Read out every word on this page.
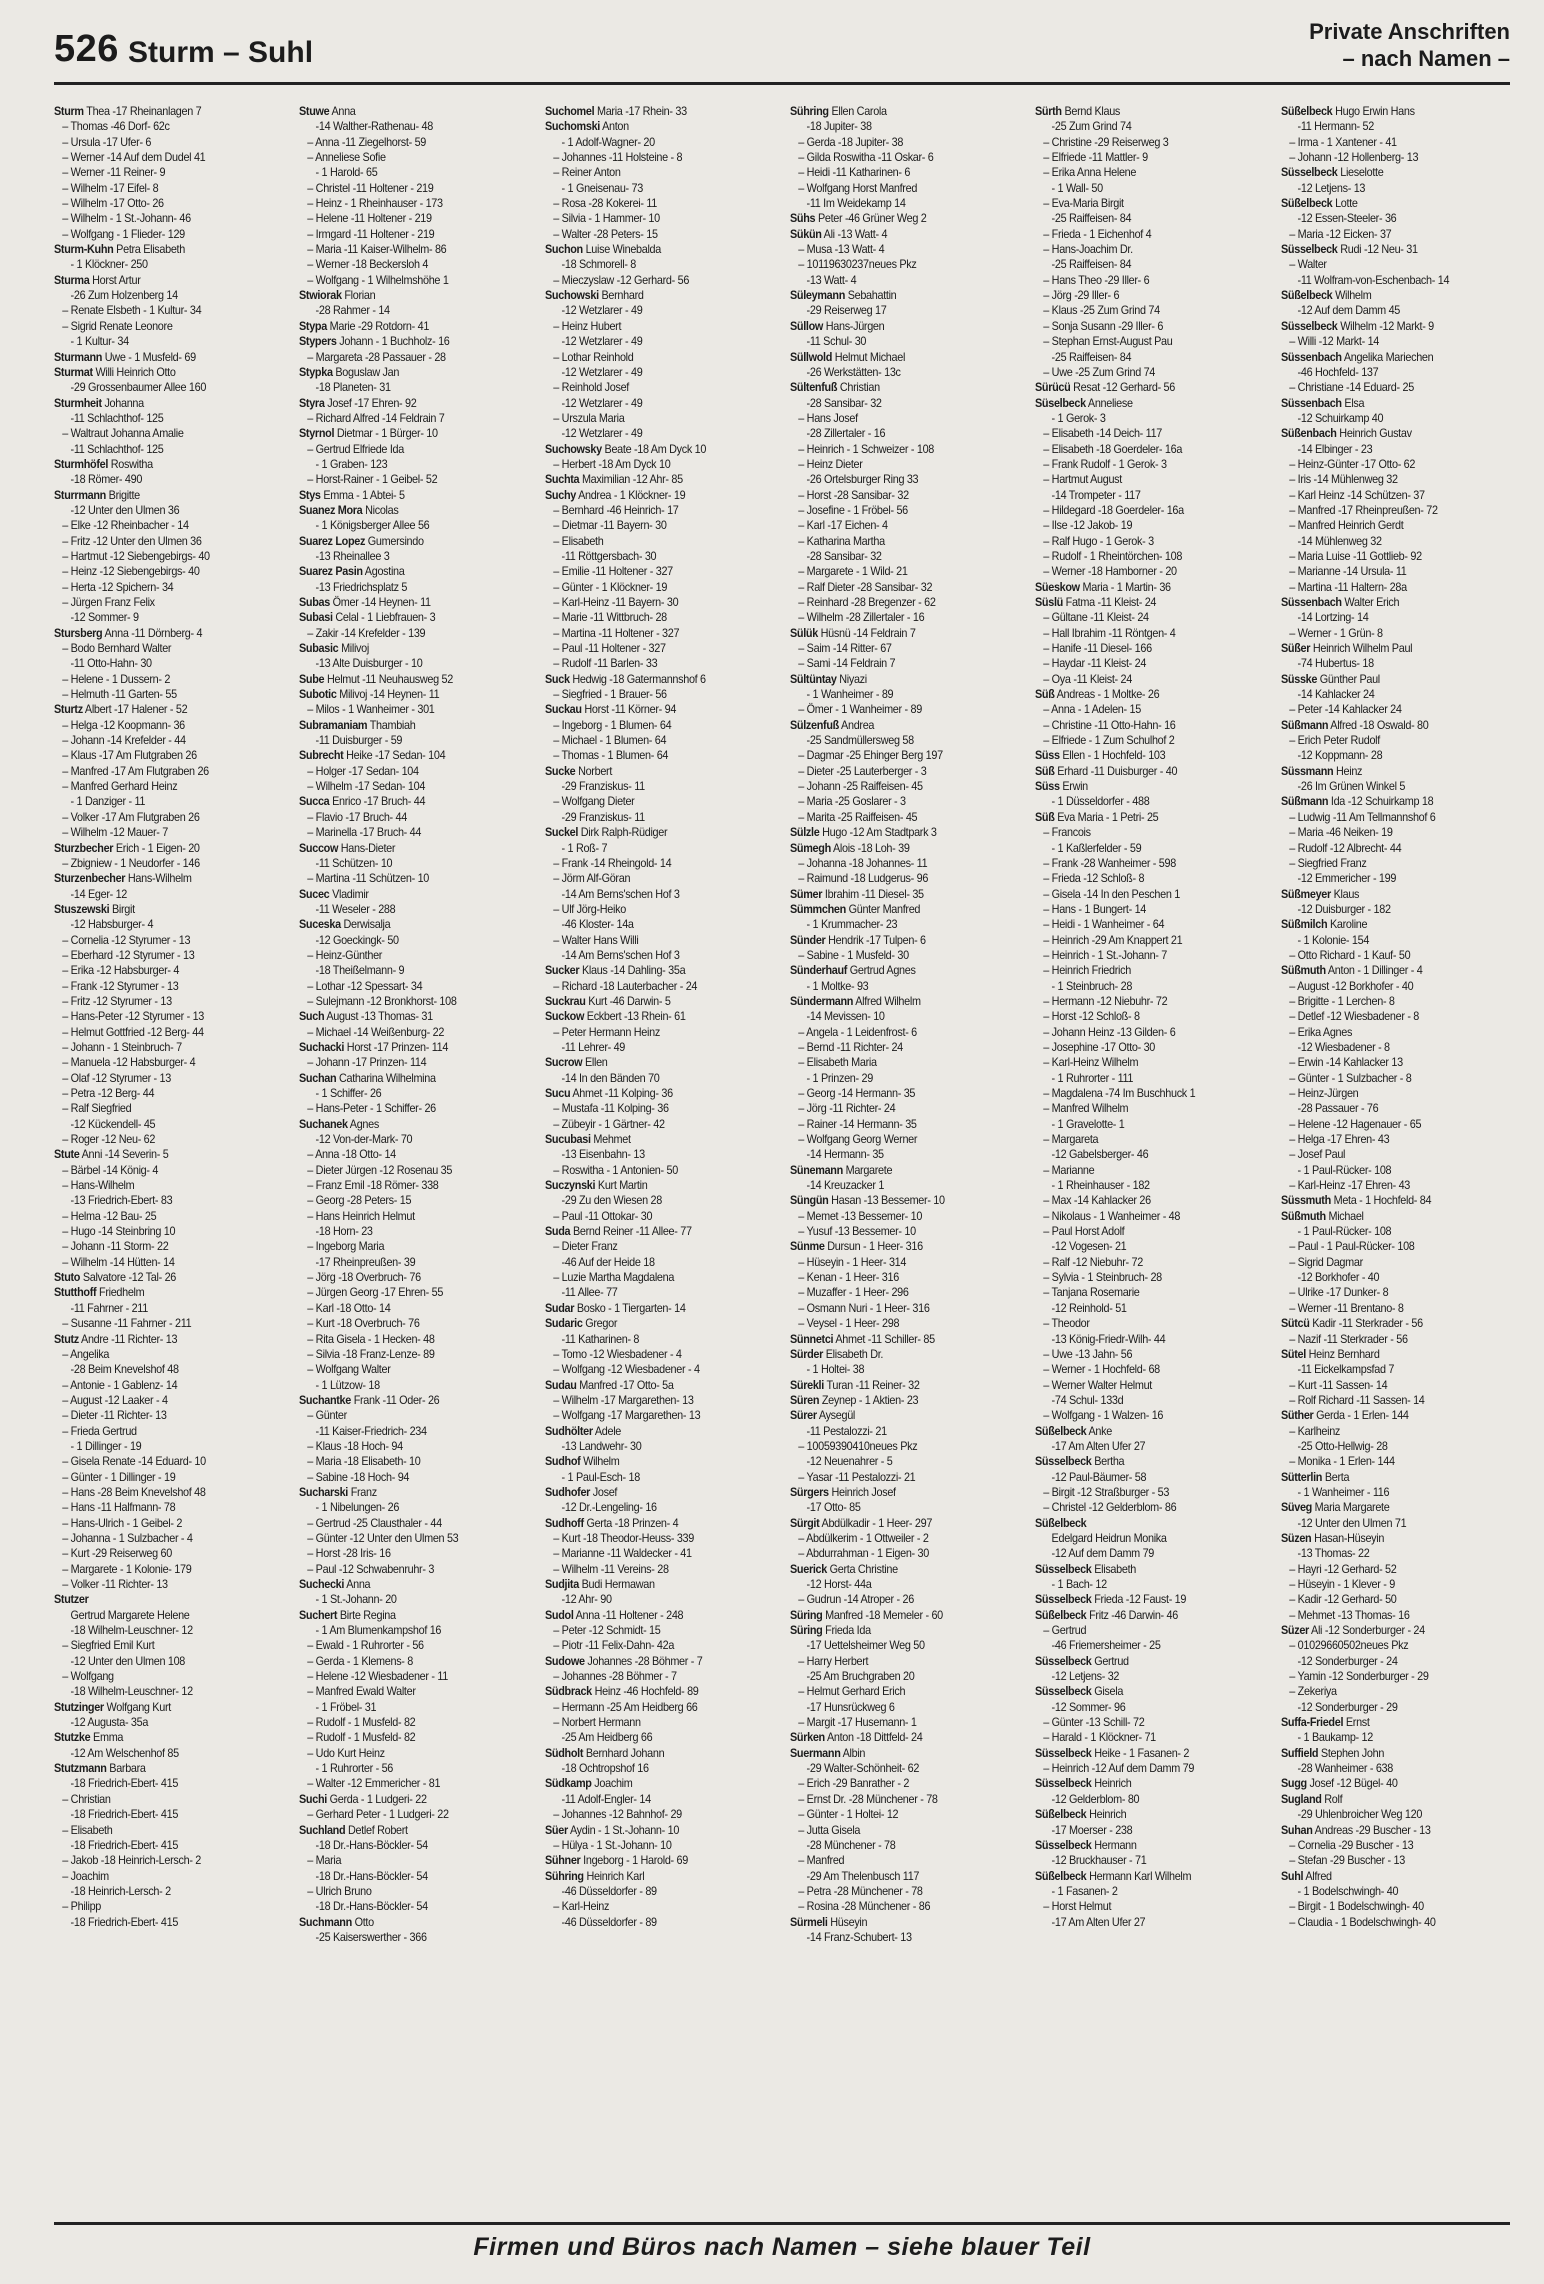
526 Sturm – Suhl
Private Anschriften
– nach Namen –
Sturm Thea -17 Rheinanlagen 7
– Thomas -46 Dorf- 62c
– Ursula -17 Ufer- 6
– Werner -14 Auf dem Dudel 41
– Werner -11 Reiner- 9
– Wilhelm -17 Eifel- 8
– Wilhelm -17 Otto- 26
– Wilhelm - 1 St.-Johann- 46
– Wolfgang - 1 Flieder- 129
Sturm-Kuhn Petra Elisabeth
- 1 Klöckner- 250
Sturma Horst Artur
-26 Zum Holzenberg 14
– Renate Elsbeth - 1 Kultur- 34
– Sigrid Renate Leonore
- 1 Kultur- 34
Sturmann Uwe - 1 Musfeld- 69
Sturmat Willi Heinrich Otto
-29 Grossenbaumer Allee 160
Sturmheit Johanna
-11 Schlachthof- 125
– Waltraut Johanna Amalie
-11 Schlachthof- 125
Sturmhöfel Roswitha
-18 Römer- 490
Sturrmann Brigitte
-12 Unter den Ulmen 36
– Elke -12 Rheinbacher - 14
– Fritz -12 Unter den Ulmen 36
– Hartmut -12 Siebengebirgs- 40
– Heinz -12 Siebengebirgs- 40
– Herta -12 Spichern- 34
– Jürgen Franz Felix
-12 Sommer- 9
Stursberg Anna -11 Dörnberg- 4
– Bodo Bernhard Walter
-11 Otto-Hahn- 30
– Helene - 1 Dussern- 2
– Helmuth -11 Garten- 55
Sturtz Albert -17 Halener - 52
– Helga -12 Koopmann- 36
– Johann -14 Krefelder - 44
– Klaus -17 Am Flutgraben 26
– Manfred -17 Am Flutgraben 26
– Manfred Gerhard Heinz
- 1 Danziger - 11
– Volker -17 Am Flutgraben 26
– Wilhelm -12 Mauer- 7
Sturzbecher Erich - 1 Eigen- 20
– Zbigniew - 1 Neudorfer - 146
Sturzenbecher Hans-Wilhelm
-14 Eger- 12
Stuszewski Birgit
-12 Habsburger- 4
– Cornelia -12 Styrumer - 13
– Eberhard -12 Styrumer - 13
– Erika -12 Habsburger- 4
– Frank -12 Styrumer - 13
– Fritz -12 Styrumer - 13
– Hans-Peter -12 Styrumer - 13
– Helmut Gottfried -12 Berg- 44
– Johann - 1 Steinbruch- 7
– Manuela -12 Habsburger- 4
– Olaf -12 Styrumer - 13
– Petra -12 Berg- 44
– Ralf Siegfried
-12 Kückendell- 45
– Roger -12 Neu- 62
Stute Anni -14 Severin- 5
– Bärbel -14 König- 4
– Hans-Wilhelm
-13 Friedrich-Ebert- 83
– Helma -12 Bau- 25
– Hugo -14 Steinbring 10
– Johann -11 Storm- 22
– Wilhelm -14 Hütten- 14
Stuto Salvatore -12 Tal- 26
Stutthoff Friedhelm
-11 Fahrner - 211
– Susanne -11 Fahrner - 211
Stutz Andre -11 Richter- 13
– Angelika
-28 Beim Knevelshof 48
– Antonie - 1 Gablenz- 14
– August -12 Laaker - 4
– Dieter -11 Richter- 13
– Frieda Gertrud
- 1 Dillinger - 19
– Gisela Renate -14 Eduard- 10
– Günter - 1 Dillinger - 19
– Hans -28 Beim Knevelshof 48
– Hans -11 Halfmann- 78
– Hans-Ulrich - 1 Geibel- 2
– Johanna - 1 Sulzbacher - 4
– Kurt -29 Reiserweg 60
– Margarete - 1 Kolonie- 179
– Volker -11 Richter- 13
Stutzer
Gertrud Margarete Helene
-18 Wilhelm-Leuschner- 12
– Siegfried Emil Kurt
-12 Unter den Ulmen 108
– Wolfgang
-18 Wilhelm-Leuschner- 12
Stutzinger Wolfgang Kurt
-12 Augusta- 35a
Stutzke Emma
-12 Am Welschenhof 85
Stutzmann Barbara
-18 Friedrich-Ebert- 415
– Christian
-18 Friedrich-Ebert- 415
– Elisabeth
-18 Friedrich-Ebert- 415
– Jakob -18 Heinrich-Lersch- 2
– Joachim
-18 Heinrich-Lersch- 2
– Philipp
-18 Friedrich-Ebert- 415
Stuwe Anna
-14 Walther-Rathenau- 48
– Anna -11 Ziegelhorst- 59
– Anneliese Sofie
- 1 Harold- 65
– Christel -11 Holtener - 219
– Heinz - 1 Rheinhauser - 173
– Helene -11 Holtener - 219
– Irmgard -11 Holtener - 219
– Maria -11 Kaiser-Wilhelm- 86
– Werner -18 Beckersloh 4
– Wolfgang - 1 Wilhelmshöhe 1
Stwiorak Florian
-28 Rahmer - 14
Stypa Marie -29 Rotdorn- 41
Stypers Johann - 1 Buchholz- 16
– Margareta -28 Passauer - 28
Stypka Boguslaw Jan
-18 Planeten- 31
Styra Josef -17 Ehren- 92
– Richard Alfred -14 Feldrain 7
Styrnol Dietmar - 1 Bürger- 10
– Gertrud Elfriede Ida
- 1 Graben- 123
– Horst-Rainer - 1 Geibel- 52
Stys Emma - 1 Abtei- 5
Suanez Mora Nicolas
- 1 Königsberger Allee 56
Suarez Lopez Gumersindo
-13 Rheinallee 3
Suarez Pasin Agostina
-13 Friedrichsplatz 5
Subas Ömer -14 Heynen- 11
Subasi Celal - 1 Liebfrauen- 3
– Zakir -14 Krefelder - 139
Subasic Milivoj
-13 Alte Duisburger - 10
Sube Helmut -11 Neuhausweg 52
Subotic Milivoj -14 Heynen- 11
– Milos - 1 Wanheimer - 301
Subramaniam Thambiah
-11 Duisburger - 59
Subrecht Heike -17 Sedan- 104
– Holger -17 Sedan- 104
– Wilhelm -17 Sedan- 104
Succa Enrico -17 Bruch- 44
– Flavio -17 Bruch- 44
– Marinella -17 Bruch- 44
Succow Hans-Dieter
-11 Schützen- 10
– Martina -11 Schützen- 10
Sucec Vladimir
-11 Weseler - 288
Suceska Derwisalja
-12 Goeckingk- 50
– Heinz-Günther
-18 Theißelmann- 9
– Lothar -12 Spessart- 34
– Sulejmann -12 Bronkhorst- 108
Such August -13 Thomas- 31
– Michael -14 Weißenburg- 22
Suchacki Horst -17 Prinzen- 114
– Johann -17 Prinzen- 114
Suchan Catharina Wilhelmina
- 1 Schiffer- 26
– Hans-Peter - 1 Schiffer- 26
Suchanek Agnes
-12 Von-der-Mark- 70
– Anna -18 Otto- 14
– Dieter Jürgen -12 Rosenau 35
– Franz Emil -18 Römer- 338
– Georg -28 Peters- 15
– Hans Heinrich Helmut
-18 Horn- 23
– Ingeborg Maria
-17 Rheinpreußen- 39
– Jörg -18 Overbruch- 76
– Jürgen Georg -17 Ehren- 55
– Karl -18 Otto- 14
– Kurt -18 Overbruch- 76
– Rita Gisela - 1 Hecken- 48
– Silvia -18 Franz-Lenze- 89
– Wolfgang Walter
- 1 Lützow- 18
Suchantke Frank -11 Oder- 26
– Günter
-11 Kaiser-Friedrich- 234
– Klaus -18 Hoch- 94
– Maria -18 Elisabeth- 10
– Sabine -18 Hoch- 94
Sucharski Franz
- 1 Nibelungen- 26
– Gertrud -25 Clausthaler - 44
– Günter -12 Unter den Ulmen 53
– Horst -28 Iris- 16
– Paul -12 Schwabenruhr- 3
Suchecki Anna
- 1 St.-Johann- 20
Suchert Birte Regina
- 1 Am Blumenkampshof 16
– Ewald - 1 Ruhrorter - 56
– Gerda - 1 Klemens- 8
– Helene -12 Wiesbadener - 11
– Manfred Ewald Walter
- 1 Fröbel- 31
– Rudolf - 1 Musfeld- 82
– Rudolf - 1 Musfeld- 82
– Udo Kurt Heinz
- 1 Ruhrorter - 56
– Walter -12 Emmericher - 81
Suchi Gerda - 1 Ludgeri- 22
– Gerhard Peter - 1 Ludgeri- 22
Suchland Detlef Robert
-18 Dr.-Hans-Böckler- 54
– Maria
-18 Dr.-Hans-Böckler- 54
– Ulrich Bruno
-18 Dr.-Hans-Böckler- 54
Suchmann Otto
-25 Kaiserswerther - 366
Suchomel Maria -17 Rhein- 33
Suchomski Anton
- 1 Adolf-Wagner- 20
– Johannes -11 Holsteine - 8
– Reiner Anton
- 1 Gneisenau- 73
– Rosa -28 Kokerei- 11
– Silvia - 1 Hammer- 10
– Walter -28 Peters- 15
Suchon Luise Winebalda
-18 Schmorell- 8
– Mieczyslaw -12 Gerhard- 56
Suchowski Bernhard
-12 Wetzlarer - 49
– Heinz Hubert
-12 Wetzlarer - 49
– Lothar Reinhold
-12 Wetzlarer - 49
– Reinhold Josef
-12 Wetzlarer - 49
– Urszula Maria
-12 Wetzlarer - 49
Suchowsky Beate -18 Am Dyck 10
– Herbert -18 Am Dyck 10
Suchta Maximilian -12 Ahr- 85
Suchy Andrea - 1 Klöckner- 19
– Bernhard -46 Heinrich- 17
– Dietmar -11 Bayern- 30
– Elisabeth
-11 Röttgersbach- 30
– Emilie -11 Holtener - 327
– Günter - 1 Klöckner- 19
– Karl-Heinz -11 Bayern- 30
– Marie -11 Wittbruch- 28
– Martina -11 Holtener - 327
– Paul -11 Holtener - 327
– Rudolf -11 Barlen- 33
Suck Hedwig -18 Gatermannshof 6
– Siegfried - 1 Brauer- 56
Suckau Horst -11 Körner- 94
– Ingeborg - 1 Blumen- 64
– Michael - 1 Blumen- 64
– Thomas - 1 Blumen- 64
Sucke Norbert
-29 Franziskus- 11
– Wolfgang Dieter
-29 Franziskus- 11
Suckel Dirk Ralph-Rüdiger
- 1 Roß- 7
– Frank -14 Rheingold- 14
– Jörm Alf-Göran
-14 Am Berns'schen Hof 3
– Ulf Jörg-Heiko
-46 Kloster- 14a
– Walter Hans Willi
-14 Am Berns'schen Hof 3
Sucker Klaus -14 Dahling- 35a
– Richard -18 Lauterbacher - 24
Suckrau Kurt -46 Darwin- 5
Suckow Eckbert -13 Rhein- 61
– Peter Hermann Heinz
-11 Lehrer- 49
Sucrow Ellen
-14 In den Bänden 70
Sucu Ahmet -11 Kolping- 36
– Mustafa -11 Kolping- 36
– Zübeyir - 1 Gärtner- 42
Sucubasi Mehmet
-13 Eisenbahn- 13
– Roswitha - 1 Antonien- 50
Suczynski Kurt Martin
-29 Zu den Wiesen 28
– Paul -11 Ottokar- 30
Suda Bernd Reiner -11 Allee- 77
– Dieter Franz
-46 Auf der Heide 18
– Luzie Martha Magdalena
-11 Allee- 77
Sudar Bosko - 1 Tiergarten- 14
Sudaric Gregor
-11 Katharinen- 8
– Tomo -12 Wiesbadener - 4
– Wolfgang -12 Wiesbadener - 4
Sudau Manfred -17 Otto- 5a
– Wilhelm -17 Margarethen- 13
– Wolfgang -17 Margarethen- 13
Sudhölter Adele
-13 Landwehr- 30
Sudhof Wilhelm
- 1 Paul-Esch- 18
Sudhofer Josef
-12 Dr.-Lengeling- 16
Sudhoff Gerta -18 Prinzen- 4
– Kurt -18 Theodor-Heuss- 339
– Marianne -11 Waldecker - 41
– Wilhelm -11 Vereins- 28
Sudjita Budi Hermawan
-12 Ahr- 90
Sudol Anna -11 Holtener - 248
– Peter -12 Schmidt- 15
– Piotr -11 Felix-Dahn- 42a
Sudowe Johannes -28 Böhmer - 7
– Johannes -28 Böhmer - 7
Südbrack Heinz -46 Hochfeld- 89
– Hermann -25 Am Heidberg 66
– Norbert Hermann
-25 Am Heidberg 66
Südholt Bernhard Johann
-18 Ochtropshof 16
Südkamp Joachim
-11 Adolf-Engler- 14
– Johannes -12 Bahnhof- 29
Süer Aydin - 1 St.-Johann- 10
– Hülya - 1 St.-Johann- 10
Sühner Ingeborg - 1 Harold- 69
Sühring Heinrich Karl
-46 Düsseldorfer - 89
– Karl-Heinz
-46 Düsseldorfer - 89
Sühring Ellen Carola
-18 Jupiter- 38
– Gerda -18 Jupiter- 38
– Gilda Roswitha -11 Oskar- 6
– Heidi -11 Katharinen- 6
– Wolfgang Horst Manfred
-11 Im Weidekamp 14
Sühs Peter -46 Grüner Weg 2
Sükün Ali -13 Watt- 4
– Musa -13 Watt- 4
– 101196302​37neues Pkz
-13 Watt- 4
Süleymann Sebahattin
-29 Reiserweg 17
Süllow Hans-Jürgen
-11 Schul- 30
Süllwold Helmut Michael
-26 Werkstätten- 13c
Sültenfuß Christian
-28 Sansibar- 32
– Hans Josef
-28 Zillertaler - 16
– Heinrich - 1 Schweizer - 108
– Heinz Dieter
-26 Ortelsburger Ring 33
– Horst -28 Sansibar- 32
– Josefine - 1 Fröbel- 56
– Karl -17 Eichen- 4
– Katharina Martha
-28 Sansibar- 32
– Margarete - 1 Wild- 21
– Ralf Dieter -28 Sansibar- 32
– Reinhard -28 Bregenzer - 62
– Wilhelm -28 Zillertaler - 16
Sülük Hüsnü -14 Feldrain 7
– Saim -14 Ritter- 67
– Sami -14 Feldrain 7
Sültüntay Niyazi
- 1 Wanheimer - 89
– Ömer - 1 Wanheimer - 89
Sülzenfuß Andrea
-25 Sandmüllersweg 58
– Dagmar -25 Ehinger Berg 197
– Dieter -25 Lauterberger - 3
– Johann -25 Raiffeisen- 45
– Maria -25 Goslarer - 3
– Marita -25 Raiffeisen- 45
Sülzle Hugo -12 Am Stadtpark 3
Sümegh Alois -18 Loh- 39
– Johanna -18 Johannes- 11
– Raimund -18 Ludgerus- 96
Sümer Ibrahim -11 Diesel- 35
Sümmchen Günter Manfred
- 1 Krummacher- 23
Sünder Hendrik -17 Tulpen- 6
– Sabine - 1 Musfeld- 30
Sünderhauf Gertrud Agnes
- 1 Moltke- 93
Sündermann Alfred Wilhelm
-14 Mevissen- 10
– Angela - 1 Leidenfrost- 6
– Bernd -11 Richter- 24
– Elisabeth Maria
- 1 Prinzen- 29
– Georg -14 Hermann- 35
– Jörg -11 Richter- 24
– Rainer -14 Hermann- 35
– Wolfgang Georg Werner
-14 Hermann- 35
Sünemann Margarete
-14 Kreuzacker 1
Süngün Hasan -13 Bessemer- 10
– Memet -13 Bessemer- 10
– Yusuf -13 Bessemer- 10
Sünme Dursun - 1 Heer- 316
– Hüseyin - 1 Heer- 314
– Kenan - 1 Heer- 316
– Muzaffer - 1 Heer- 296
– Osmann Nuri - 1 Heer- 316
– Veysel - 1 Heer- 298
Sünnetci Ahmet -11 Schiller- 85
Sürder Elisabeth Dr.
- 1 Holtei- 38
Sürekli Turan -11 Reiner- 32
Süren Zeynep - 1 Aktien- 23
Sürer Aysegül
-11 Pestalozzi- 21
– 10059390410neues Pkz
-12 Neuenahrer - 5
– Yasar -11 Pestalozzi- 21
Sürgers Heinrich Josef
-17 Otto- 85
Sürgit Abdülkadir - 1 Heer- 297
– Abdülkerim - 1 Ottweiler - 2
– Abdurrahman - 1 Eigen- 30
Suerick Gerta Christine
-12 Horst- 44a
– Gudrun -14 Atroper - 26
Süring Manfred -18 Memeler - 60
Süring Frieda Ida
-17 Uettelsheimer Weg 50
– Harry Herbert
-25 Am Bruchgraben 20
– Helmut Gerhard Erich
-17 Hunsrückweg 6
– Margit -17 Husemann- 1
Sürken Anton -18 Dittfeld- 24
Suermann Albin
-29 Walter-Schönheit- 62
– Erich -29 Banrather - 2
– Ernst Dr. -28 Münchener - 78
– Günter - 1 Holtei- 12
– Jutta Gisela
-28 Münchener - 78
– Manfred
-29 Am Thelenbusch 117
– Petra -28 Münchener - 78
– Rosina -28 Münchener - 86
Sürmeli Hüseyin
-14 Franz-Schubert- 13
Sürth Bernd Klaus
-25 Zum Grind 74
– Christine -29 Reiserweg 3
– Elfriede -11 Mattler- 9
– Erika Anna Helene
- 1 Wall- 50
– Eva-Maria Birgit
-25 Raiffeisen- 84
– Frieda - 1 Eichenhof 4
– Hans-Joachim Dr.
-25 Raiffeisen- 84
– Hans Theo -29 Iller- 6
– Jörg -29 Iller- 6
– Klaus -25 Zum Grind 74
– Sonja Susann -29 Iller- 6
– Stephan Ernst-August Pau
-25 Raiffeisen- 84
– Uwe -25 Zum Grind 74
Sürücü Resat -12 Gerhard- 56
Süselbeck Anneliese
- 1 Gerok- 3
– Elisabeth -14 Deich- 117
– Elisabeth -18 Goerdeler- 16a
– Frank Rudolf - 1 Gerok- 3
– Hartmut August
-14 Trompeter - 117
– Hildegard -18 Goerdeler- 16a
– Ilse -12 Jakob- 19
– Ralf Hugo - 1 Gerok- 3
– Rudolf - 1 Rheintörchen- 108
– Werner -18 Hamborner - 20
Süeskow Maria - 1 Martin- 36
Süslü Fatma -11 Kleist- 24
– Gültane -11 Kleist- 24
– Hall Ibrahim -11 Röntgen- 4
– Hanife -11 Diesel- 166
– Haydar -11 Kleist- 24
– Oya -11 Kleist- 24
Süß Andreas - 1 Moltke- 26
– Anna - 1 Adelen- 15
– Christine -11 Otto-Hahn- 16
– Elfriede - 1 Zum Schulhof 2
Süss Ellen - 1 Hochfeld- 103
Süß Erhard -11 Duisburger - 40
Süss Erwin
- 1 Düsseldorfer - 488
Süß Eva Maria - 1 Petri- 25
– Francois
- 1 Kaßlerfelder - 59
– Frank -28 Wanheimer - 598
– Frieda -12 Schloß- 8
– Gisela -14 In den Peschen 1
– Hans - 1 Bungert- 14
– Heidi - 1 Wanheimer - 64
– Heinrich -29 Am Knappert 21
– Heinrich - 1 St.-Johann- 7
– Heinrich Friedrich
- 1 Steinbruch- 28
– Hermann -12 Niebuhr- 72
– Horst -12 Schloß- 8
– Johann Heinz -13 Gilden- 6
– Josephine -17 Otto- 30
– Karl-Heinz Wilhelm
- 1 Ruhrorter - 111
– Magdalena -74 Im Buschhuck 1
– Manfred Wilhelm
- 1 Gravelotte- 1
– Margareta
-12 Gabelsberger- 46
– Marianne
- 1 Rheinhauser - 182
– Max -14 Kahlacker 26
– Nikolaus - 1 Wanheimer - 48
– Paul Horst Adolf
-12 Vogesen- 21
– Ralf -12 Niebuhr- 72
– Sylvia - 1 Steinbruch- 28
– Tanjana Rosemarie
-12 Reinhold- 51
– Theodor
-13 König-Friedr-Wilh- 44
– Uwe -13 Jahn- 56
– Werner - 1 Hochfeld- 68
– Werner Walter Helmut
-74 Schul- 133d
– Wolfgang - 1 Walzen- 16
Süßelbeck Anke
-17 Am Alten Ufer 27
Süsselbeck Bertha
-12 Paul-Bäumer- 58
– Birgit -12 Straßburger - 53
– Christel -12 Gelderblom- 86
Süßelbeck
Edelgard Heidrun Monika
-12 Auf dem Damm 79
Süsselbeck Elisabeth
- 1 Bach- 12
Süsselbeck Frieda -12 Faust- 19
Süßelbeck Fritz -46 Darwin- 46
– Gertrud
-46 Friemersheimer - 25
Süsselbeck Gertrud
-12 Letjens- 32
Süsselbeck Gisela
-12 Sommer- 96
– Günter -13 Schill- 72
– Harald - 1 Klöckner- 71
Süsselbeck Heike - 1 Fasanen- 2
– Heinrich -12 Auf dem Damm 79
Süsselbeck Heinrich
-12 Gelderblom- 80
Süßelbeck Heinrich
-17 Moerser - 238
Süsselbeck Hermann
-12 Bruckhauser - 71
Süßelbeck Hermann Karl Wilhelm
- 1 Fasanen- 2
– Horst Helmut
-17 Am Alten Ufer 27
Süßelbeck Hugo Erwin Hans
-11 Hermann- 52
– Irma - 1 Xantener - 41
– Johann -12 Hollenberg- 13
Süsselbeck Lieselotte
-12 Letjens- 13
Süßelbeck Lotte
-12 Essen-Steeler- 36
– Maria -12 Eicken- 37
Süsselbeck Rudi -12 Neu- 31
– Walter
-11 Wolfram-von-Eschenbach- 14
Süßelbeck Wilhelm
-12 Auf dem Damm 45
Süsselbeck Wilhelm -12 Markt- 9
– Willi -12 Markt- 14
Süssenbach Angelika Mariechen
-46 Hochfeld- 137
– Christiane -14 Eduard- 25
Süssenbach Elsa
-12 Schuirkamp 40
Süßenbach Heinrich Gustav
-14 Elbinger - 23
– Heinz-Günter -17 Otto- 62
– Iris -14 Mühlenweg 32
– Karl Heinz -14 Schützen- 37
– Manfred -17 Rheinpreußen- 72
– Manfred Heinrich Gerdt
-14 Mühlenweg 32
– Maria Luise -11 Gottlieb- 92
– Marianne -14 Ursula- 11
– Martina -11 Haltern- 28a
Süssenbach Walter Erich
-14 Lortzing- 14
– Werner - 1 Grün- 8
Süßer Heinrich Wilhelm Paul
-74 Hubertus- 18
Süsske Günther Paul
-14 Kahlacker 24
– Peter -14 Kahlacker 24
Süßmann Alfred -18 Oswald- 80
– Erich Peter Rudolf
-12 Koppmann- 28
Süssmann Heinz
-26 Im Grünen Winkel 5
Süßmann Ida -12 Schuirkamp 18
– Ludwig -11 Am Tellmannshof 6
– Maria -46 Neiken- 19
– Rudolf -12 Albrecht- 44
– Siegfried Franz
-12 Emmericher - 199
Süßmeyer Klaus
-12 Duisburger - 182
Süßmilch Karoline
- 1 Kolonie- 154
– Otto Richard - 1 Kauf- 50
Süßmuth Anton - 1 Dillinger - 4
– August -12 Borkhofer - 40
– Brigitte - 1 Lerchen- 8
– Detlef -12 Wiesbadener - 8
– Erika Agnes
-12 Wiesbadener - 8
– Erwin -14 Kahlacker 13
– Günter - 1 Sulzbacher - 8
– Heinz-Jürgen
-28 Passauer - 76
– Helene -12 Hagenauer - 65
– Helga -17 Ehren- 43
– Josef Paul
- 1 Paul-Rücker- 108
– Karl-Heinz -17 Ehren- 43
Süssmuth Meta - 1 Hochfeld- 84
Süßmuth Michael
- 1 Paul-Rücker- 108
– Paul - 1 Paul-Rücker- 108
– Sigrid Dagmar
-12 Borkhofer - 40
– Ulrike -17 Dunker- 8
– Werner -11 Brentano- 8
Sütcü Kadir -11 Sterkrader - 56
– Nazif -11 Sterkrader - 56
Sütel Heinz Bernhard
-11 Eickelkampsfad 7
– Kurt -11 Sassen- 14
– Rolf Richard -11 Sassen- 14
Süther Gerda - 1 Erlen- 144
– Karlheinz
-25 Otto-Hellwig- 28
– Monika - 1 Erlen- 144
Sütterlin Berta
- 1 Wanheimer - 116
Süveg Maria Margarete
-12 Unter den Ulmen 71
Süzen Hasan-Hüseyin
-13 Thomas- 22
– Hayri -12 Gerhard- 52
– Hüseyin - 1 Klever - 9
– Kadir -12 Gerhard- 50
– Mehmet -13 Thomas- 16
Süzer Ali -12 Sonderburger - 24
– 01029660502neues Pkz
-12 Sonderburger - 24
– Yamin -12 Sonderburger - 29
– Zekeriya
-12 Sonderburger - 29
Suffa-Friedel Ernst
- 1 Baukamp- 12
Suffield Stephen John
-28 Wanheimer - 638
Sugg Josef -12 Bügel- 40
Sugland Rolf
-29 Uhlenbroicher Weg 120
Suhan Andreas -29 Buscher - 13
– Cornelia -29 Buscher - 13
– Stefan -29 Buscher - 13
Suhl Alfred
- 1 Bodelschwingh- 40
– Birgit - 1 Bodelschwingh- 40
– Claudia - 1 Bodelschwingh- 40
Firmen und Büros nach Namen – siehe blauer Teil
